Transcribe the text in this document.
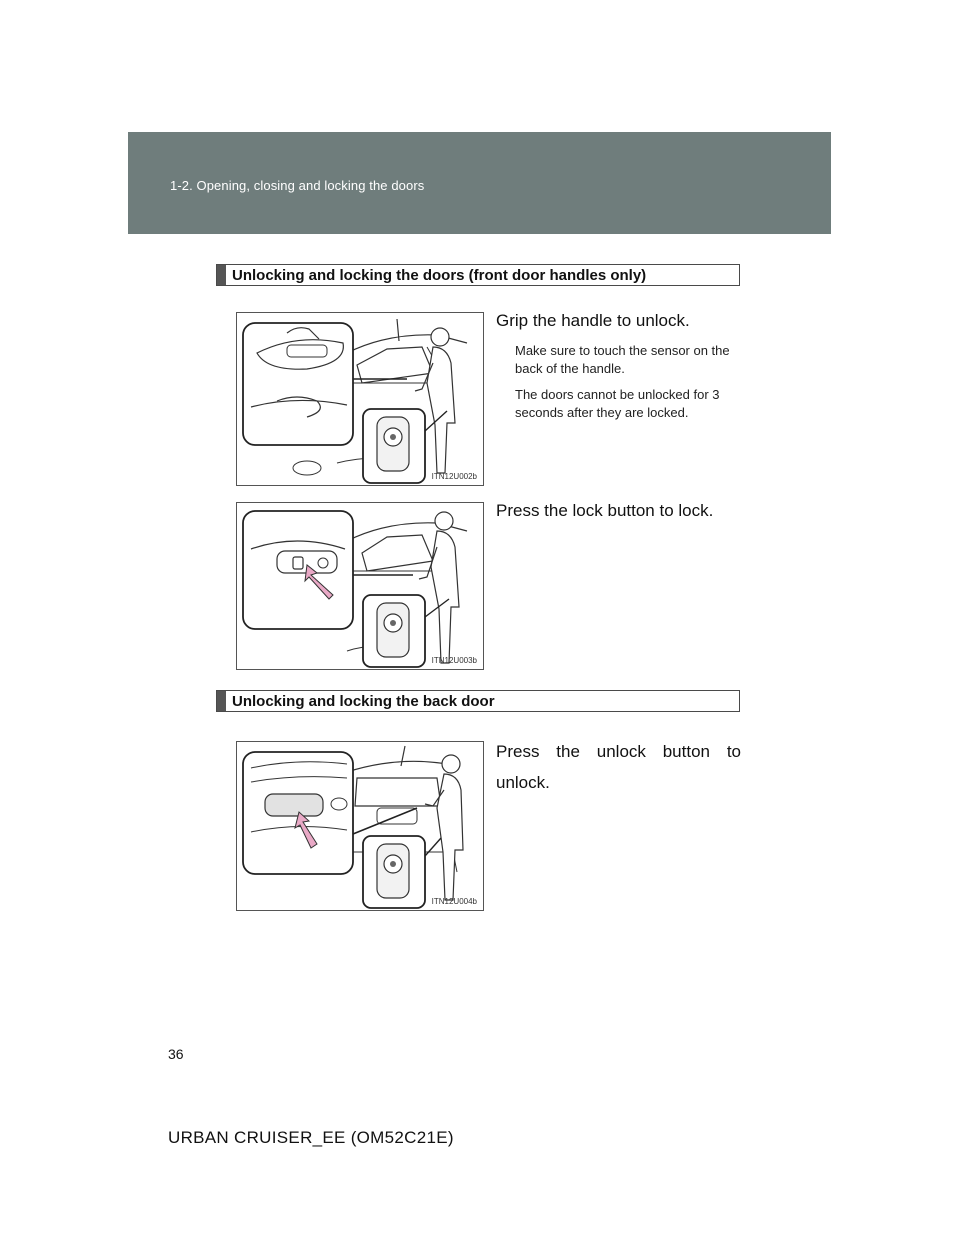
1-2. Opening, closing and locking the doors
Unlocking and locking the doors (front door handles only)
ITN12U002b
Grip the handle to unlock.
Make sure to touch the sensor on the back of the handle.
The doors cannot be unlocked for 3 seconds after they are locked.
ITN12U003b
Press the lock button to lock.
Unlocking and locking the back door
ITN12U004b
Press the unlock button to unlock.
36
URBAN CRUISER_EE (OM52C21E)
